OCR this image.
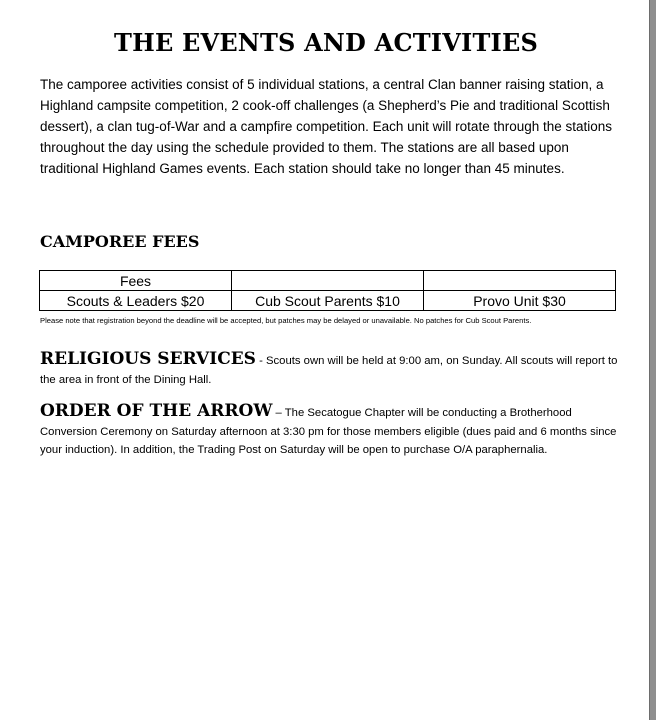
THE EVENTS AND ACTIVITIES

The camporee activities consist of 5 individual stations, a central Clan banner raising station, a Highland campsite competition, 2 cook-off challenges (a Shepherd’s Pie and traditional Scottish dessert), a clan tug-of-War and a campfire competition. Each unit will rotate through the stations throughout the day using the schedule provided to them. The stations are all based upon traditional Highland Games events. Each station should take no longer than 45 minutes.

CAMPOREE FEES
Fees		
Scouts & Leaders $20	Cub Scout Parents $10	Provo Unit $30

Please note that registration beyond the deadline will be accepted, but patches may be delayed or unavailable. No patches for Cub Scout Parents.

RELIGIOUS SERVICES - Scouts own will be held at 9:00 am, on Sunday. All scouts will report to the area in front of the Dining Hall.

ORDER OF THE ARROW – The Secatogue Chapter will be conducting a Brotherhood Conversion Ceremony on Saturday afternoon at 3:30 pm for those members eligible (dues paid and 6 months since your induction). In addition, the Trading Post on Saturday will be open to purchase O/A paraphernalia.
